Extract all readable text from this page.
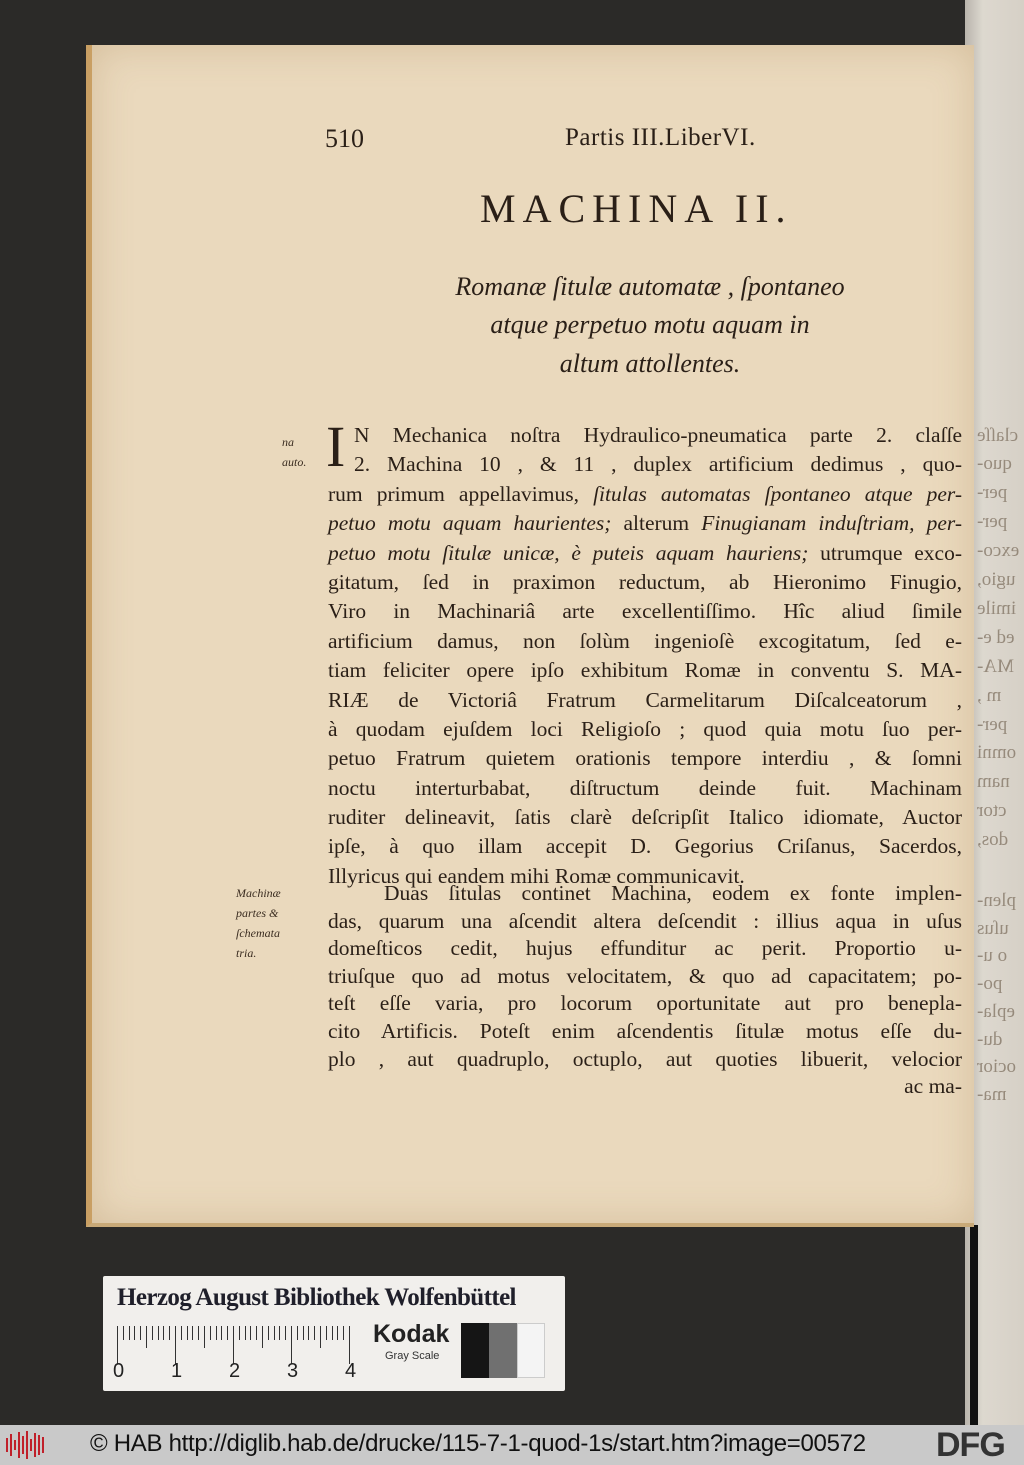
claſſe
quo-
per-
per-
exco-
ugio,
imile
ed e-
MA-
m ,
per-
omni
nam
ctor
dos,
plen-
uſus
o u-
po-
epla-
du-
ocior
ma-
510	Partis III.LiberVI.
MACHINA II.
Romanæ ſitulæ automatæ , ſpontaneo
atque perpetuo motu aquam in
altum attollentes.
na
auto. I N Mechanica noſtra Hydraulico-pneumatica parte 2. claſſe
2. Machina 10 , & 11 , duplex artificium dedimus , quo-
rum primum appellavimus, ſitulas automatas ſpontaneo atque per-
petuo motu aquam haurientes; alterum Finugianam induſtriam, per-
petuo motu ſitulæ unicæ, è puteis aquam hauriens; utrumque exco-
gitatum, ſed in praximon reductum, ab Hieronimo Finugio,
Viro in Machinariâ arte excellentiſſimo. Hîc aliud ſimile
artificium damus, non ſolùm ingenioſè excogitatum, ſed e-
tiam feliciter opere ipſo exhibitum Romæ in conventu S. MA-
RIÆ de Victoriâ Fratrum Carmelitarum Diſcalceatorum ,
à quodam ejuſdem loci Religioſo ; quod quia motu ſuo per-
petuo Fratrum quietem orationis tempore interdiu , & ſomni
noctu interturbabat, diſtructum deinde fuit. Machinam
ruditer delineavit, ſatis clarè deſcripſit Italico idiomate, Auctor
ipſe, à quo illam accepit D. Gegorius Criſanus, Sacerdos,
Illyricus qui eandem mihi Romæ communicavit.
Machinæ
partes &
ſchemata
tria.
Duas ſitulas continet Machina, eodem ex fonte implen-
das, quarum una aſcendit altera deſcendit : illius aqua in uſus
domeſticos cedit, hujus effunditur ac perit. Proportio u-
triuſque quo ad motus velocitatem, & quo ad capacitatem; po-
teſt eſſe varia, pro locorum oportunitate aut pro benepla-
cito Artificis. Poteſt enim aſcendentis ſitulæ motus eſſe du-
plo , aut quadruplo, octuplo, aut quoties libuerit, velocior
ac ma-
Herzog August Bibliothek Wolfenbüttel
0 1 2 3 4
Kodak
Gray Scale
© HAB http://diglib.hab.de/drucke/115-7-1-quod-1s/start.htm?image=00572 DFG
